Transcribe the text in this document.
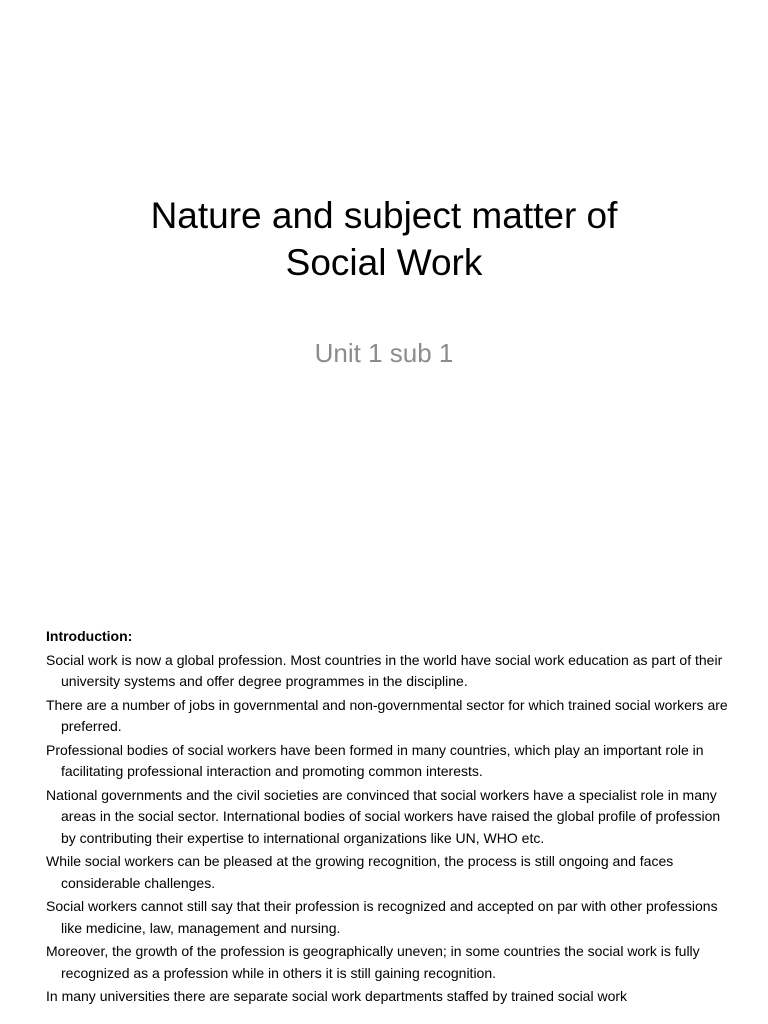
Nature and subject matter of
Social Work
Unit 1 sub 1
Introduction:
Social work is now a global profession. Most countries in the world have social work education as part of their university systems and offer degree programmes in the discipline.
There are a number of jobs in governmental and non-governmental sector for which trained social workers are preferred.
Professional bodies of social workers have been formed in many countries, which play an important role in facilitating professional interaction and promoting common interests.
National governments and the civil societies are convinced that social workers have a specialist role in many areas in the social sector. International bodies of social workers have raised the global profile of profession by contributing their expertise to international organizations like UN, WHO etc.
While social workers can be pleased at the growing recognition, the process is still ongoing and faces considerable challenges.
Social workers cannot still say that their profession is recognized and accepted on par with other professions like medicine, law, management and nursing.
Moreover, the growth of the profession is geographically uneven; in some countries the social work is fully recognized as a profession while in others it is still gaining recognition.
In many universities there are separate social work departments staffed by trained social work
